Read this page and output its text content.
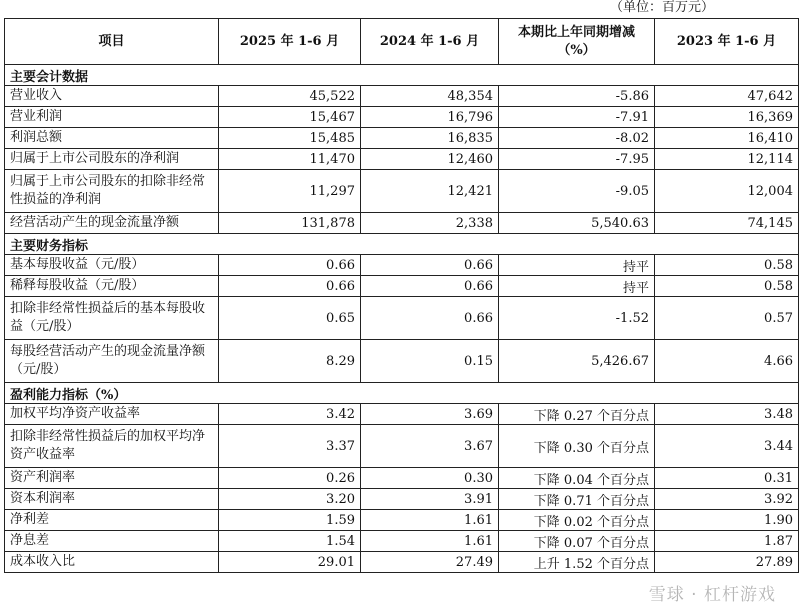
（单位：百万元）
项目	2025 年 1-6 月	2024 年 1-6 月	本期比上年同期增减（%）	2023 年 1-6 月
主要会计数据				
营业收入	45,522	48,354	-5.86	47,642
营业利润	15,467	16,796	-7.91	16,369
利润总额	15,485	16,835	-8.02	16,410
归属于上市公司股东的净利润	11,470	12,460	-7.95	12,114
归属于上市公司股东的扣除非经常性损益的净利润	11,297	12,421	-9.05	12,004
经营活动产生的现金流量净额	131,878	2,338	5,540.63	74,145
主要财务指标				
基本每股收益（元/股）	0.66	0.66	持平	0.58
稀释每股收益（元/股）	0.66	0.66	持平	0.58
扣除非经常性损益后的基本每股收益（元/股）	0.65	0.66	-1.52	0.57
每股经营活动产生的现金流量净额（元/股）	8.29	0.15	5,426.67	4.66
盈利能力指标（%）				
加权平均净资产收益率	3.42	3.69	下降 0.27 个百分点	3.48
扣除非经常性损益后的加权平均净资产收益率	3.37	3.67	下降 0.30 个百分点	3.44
资产利润率	0.26	0.30	下降 0.04 个百分点	0.31
资本利润率	3.20	3.91	下降 0.71 个百分点	3.92
净利差	1.59	1.61	下降 0.02 个百分点	1.90
净息差	1.54	1.61	下降 0.07 个百分点	1.87
成本收入比	29.01	27.49	上升 1.52 个百分点	27.89
雪球 · 杠杆游戏
